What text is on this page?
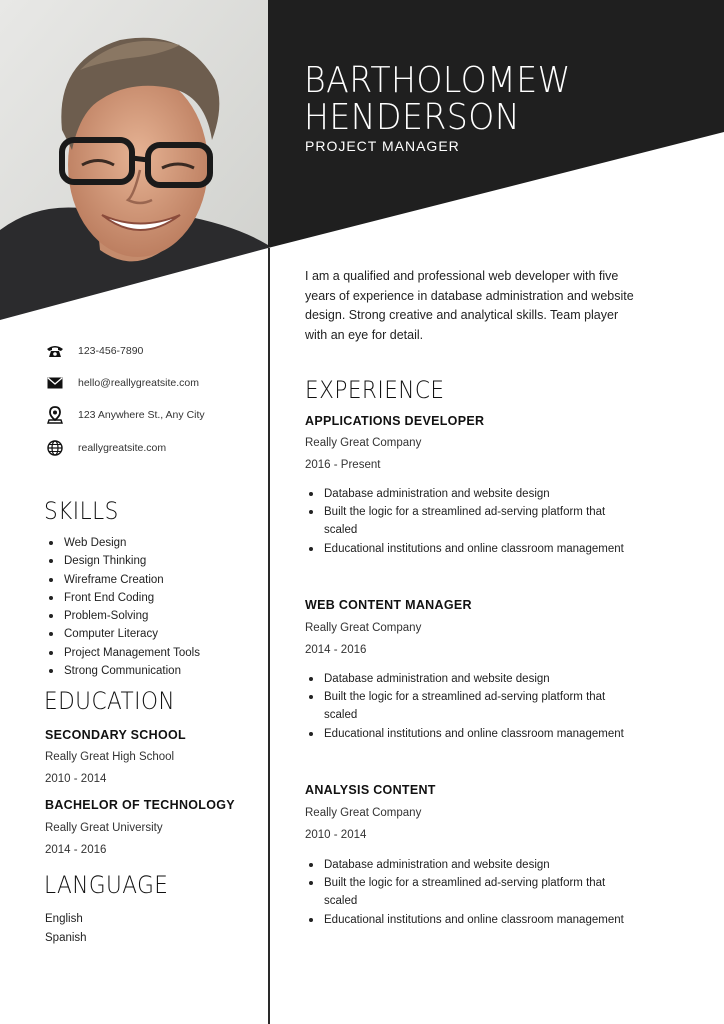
BARTHOLOMEW
HENDERSON
PROJECT MANAGER
123-456-7890
hello@reallygreatsite.com
123 Anywhere St., Any City
reallygreatsite.com
SKILLS
Web Design
Design Thinking
Wireframe Creation
Front End Coding
Problem-Solving
Computer Literacy
Project Management Tools
Strong Communication
EDUCATION
SECONDARY SCHOOL
Really Great High School
2010 - 2014
BACHELOR OF TECHNOLOGY
Really Great University
2014 - 2016
LANGUAGE
English
Spanish
I am a qualified and professional web developer with five years of experience in database administration and website design. Strong creative and analytical skills. Team player with an eye for detail.
EXPERIENCE
APPLICATIONS DEVELOPER
Really Great Company
2016 - Present
Database administration and website design
Built the logic for a streamlined ad-serving platform that scaled
Educational institutions and online classroom management
WEB CONTENT MANAGER
Really Great Company
2014 - 2016
Database administration and website design
Built the logic for a streamlined ad-serving platform that scaled
Educational institutions and online classroom management
ANALYSIS CONTENT
Really Great Company
2010 - 2014
Database administration and website design
Built the logic for a streamlined ad-serving platform that scaled
Educational institutions and online classroom management
